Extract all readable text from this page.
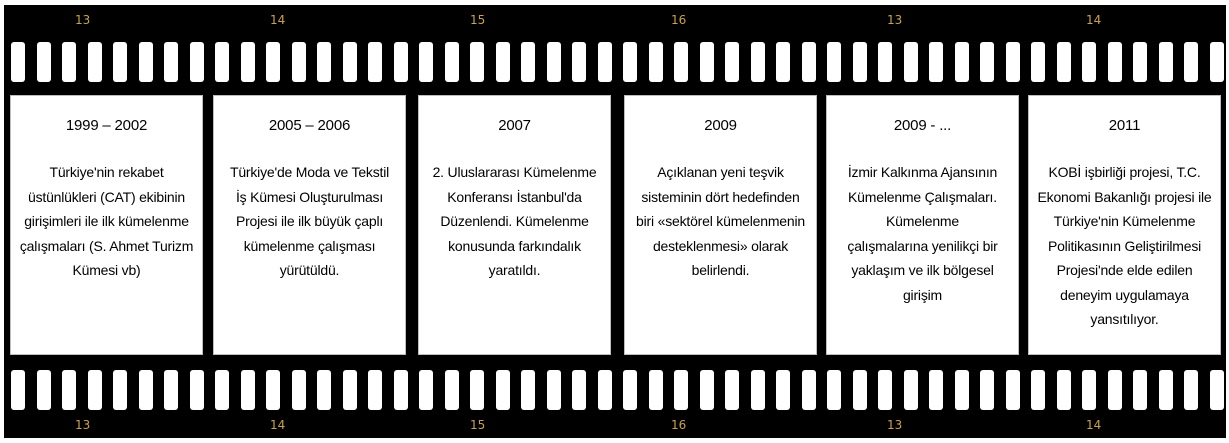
13	14	15	16	13	14
1999 – 2002
Türkiye'nin rekabet üstünlükleri (CAT) ekibinin girişimleri ile ilk kümelenme çalışmaları (S. Ahmet Turizm Kümesi vb)
2005 – 2006
Türkiye'de Moda ve Tekstil İş Kümesi Oluşturulması Projesi ile ilk büyük çaplı kümelenme çalışması yürütüldü.
2007
2. Uluslararası Kümelenme Konferansı İstanbul'da Düzenlendi. Kümelenme konusunda farkındalık yaratıldı.
2009
Açıklanan yeni teşvik sisteminin dört hedefinden biri «sektörel kümelenmenin desteklenmesi» olarak belirlendi.
2009 - ...
İzmir Kalkınma Ajansının Kümelenme Çalışmaları. Kümelenme çalışmalarına yenilikçi bir yaklaşım ve ilk bölgesel girişim
2011
KOBİ işbirliği projesi, T.C. Ekonomi Bakanlığı projesi ile Türkiye'nin Kümelenme Politikasının Geliştirilmesi Projesi'nde elde edilen deneyim uygulamaya yansıtılıyor.
13	14	15	16	13	14
